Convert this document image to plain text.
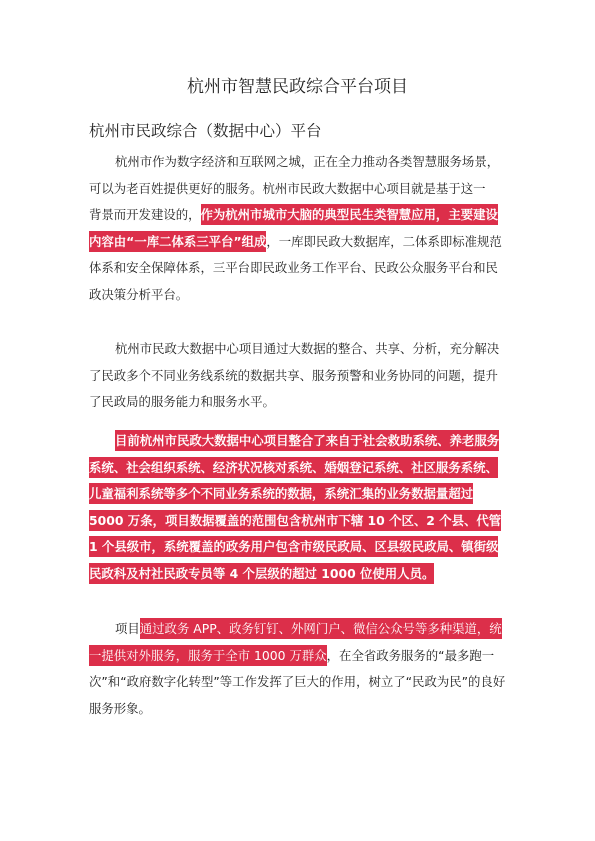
杭州市智慧民政综合平台项目
杭州市民政综合（数据中心）平台
杭州市作为数字经济和互联网之城，正在全力推动各类智慧服务场景，
可以为老百姓提供更好的服务。杭州市民政大数据中心项目就是基于这一
背景而开发建设的，作为杭州市城市大脑的典型民生类智慧应用，主要建设
内容由“一库二体系三平台”组成，一库即民政大数据库，二体系即标准规范
体系和安全保障体系，三平台即民政业务工作平台、民政公众服务平台和民
政决策分析平台。
杭州市民政大数据中心项目通过大数据的整合、共享、分析，充分解决
了民政多个不同业务线系统的数据共享、服务预警和业务协同的问题，提升
了民政局的服务能力和服务水平。
目前杭州市民政大数据中心项目整合了来自于社会救助系统、养老服务
系统、社会组织系统、经济状况核对系统、婚姻登记系统、社区服务系统、
儿童福利系统等多个不同业务系统的数据，系统汇集的业务数据量超过
5000 万条，项目数据覆盖的范围包含杭州市下辖 10 个区、2 个县、代管
1 个县级市，系统覆盖的政务用户包含市级民政局、区县级民政局、镇街级
民政科及村社民政专员等 4 个层级的超过 1000 位使用人员。
项目通过政务 APP、政务钉钉、外网门户、微信公众号等多种渠道，统
一提供对外服务，服务于全市 1000 万群众，在全省政务服务的“最多跑一
次”和“政府数字化转型”等工作发挥了巨大的作用，树立了“民政为民”的良好
服务形象。
